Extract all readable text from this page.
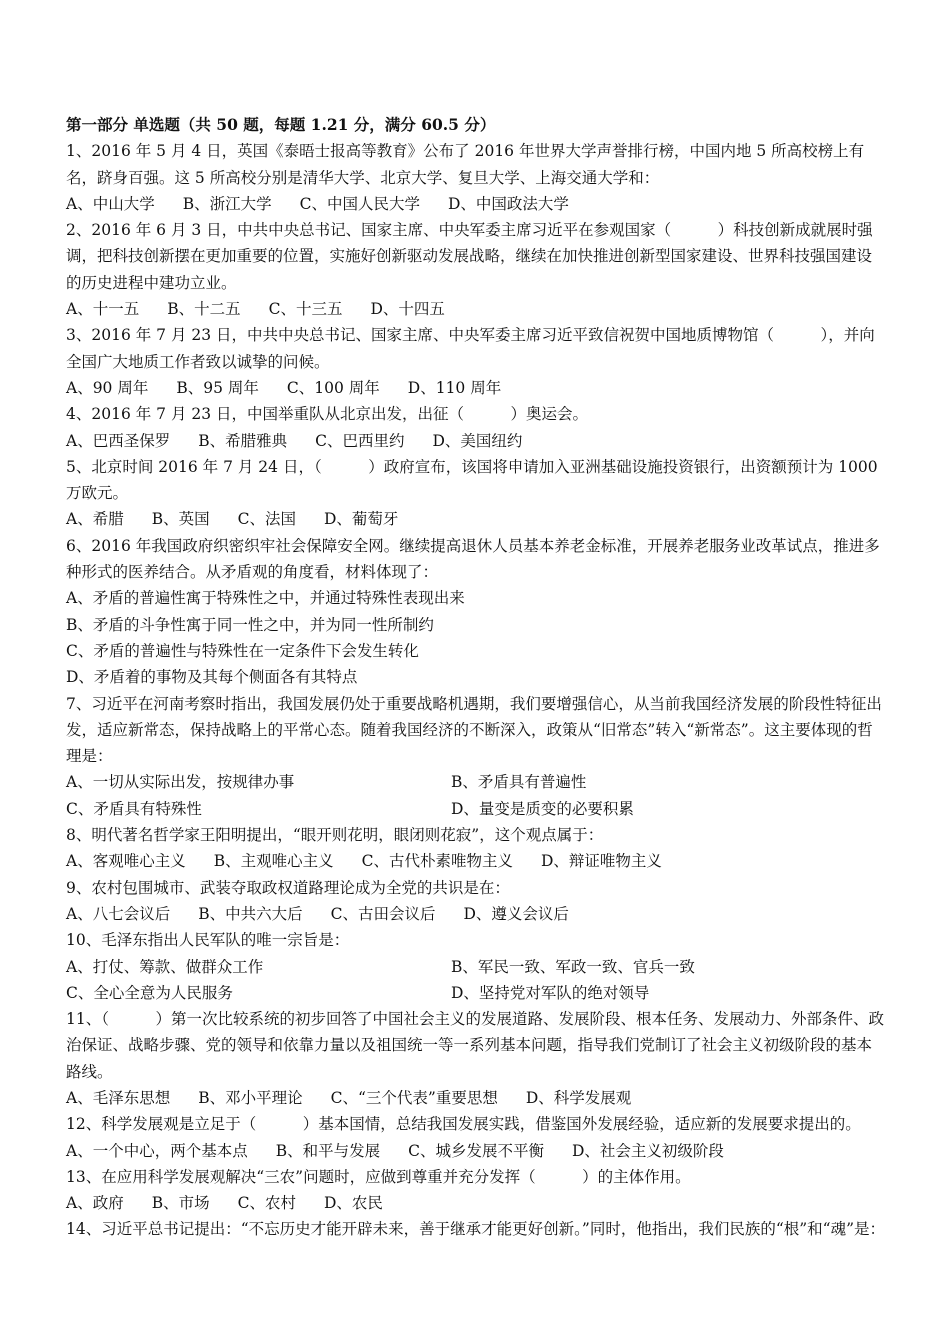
第一部分 单选题（共 50 题，每题 1.21 分，满分 60.5 分）

1、2016 年 5 月 4 日，英国《泰晤士报高等教育》公布了 2016 年世界大学声誉排行榜，中国内地 5 所高校榜上有名，跻身百强。这 5 所高校分别是清华大学、北京大学、复旦大学、上海交通大学和：

A、中山大学 B、浙江大学 C、中国人民大学 D、中国政法大学

2、2016 年 6 月 3 日，中共中央总书记、国家主席、中央军委主席习近平在参观国家（　　　）科技创新成就展时强调，把科技创新摆在更加重要的位置，实施好创新驱动发展战略，继续在加快推进创新型国家建设、世界科技强国建设的历史进程中建功立业。

A、十一五 B、十二五 C、十三五 D、十四五

3、2016 年 7 月 23 日，中共中央总书记、国家主席、中央军委主席习近平致信祝贺中国地质博物馆（　　　），并向全国广大地质工作者致以诚挚的问候。

A、90 周年 B、95 周年 C、100 周年 D、110 周年

4、2016 年 7 月 23 日，中国举重队从北京出发，出征（　　　）奥运会。

A、巴西圣保罗 B、希腊雅典 C、巴西里约 D、美国纽约

5、北京时间 2016 年 7 月 24 日，（　　　）政府宣布，该国将申请加入亚洲基础设施投资银行，出资额预计为 1000 万欧元。

A、希腊 B、英国 C、法国 D、葡萄牙

6、2016 年我国政府织密织牢社会保障安全网。继续提高退休人员基本养老金标准，开展养老服务业改革试点，推进多种形式的医养结合。从矛盾观的角度看，材料体现了：

A、矛盾的普遍性寓于特殊性之中，并通过特殊性表现出来

B、矛盾的斗争性寓于同一性之中，并为同一性所制约

C、矛盾的普遍性与特殊性在一定条件下会发生转化

D、矛盾着的事物及其每个侧面各有其特点

7、习近平在河南考察时指出，我国发展仍处于重要战略机遇期，我们要增强信心，从当前我国经济发展的阶段性特征出发，适应新常态，保持战略上的平常心态。随着我国经济的不断深入，政策从“旧常态”转入“新常态”。这主要体现的哲理是：

A、一切从实际出发，按规律办事	B、矛盾具有普遍性
C、矛盾具有特殊性	D、量变是质变的必要积累

8、明代著名哲学家王阳明提出，“眼开则花明，眼闭则花寂”，这个观点属于：

A、客观唯心主义 B、主观唯心主义 C、古代朴素唯物主义 D、辩证唯物主义

9、农村包围城市、武装夺取政权道路理论成为全党的共识是在：

A、八七会议后 B、中共六大后 C、古田会议后 D、遵义会议后

10、毛泽东指出人民军队的唯一宗旨是：

A、打仗、筹款、做群众工作	B、军民一致、军政一致、官兵一致
C、全心全意为人民服务	D、坚持党对军队的绝对领导

11、（　　　）第一次比较系统的初步回答了中国社会主义的发展道路、发展阶段、根本任务、发展动力、外部条件、政治保证、战略步骤、党的领导和依靠力量以及祖国统一等一系列基本问题，指导我们党制订了社会主义初级阶段的基本路线。

A、毛泽东思想 B、邓小平理论 C、“三个代表”重要思想 D、科学发展观

12、科学发展观是立足于（　　　）基本国情，总结我国发展实践，借鉴国外发展经验，适应新的发展要求提出的。

A、一个中心，两个基本点 B、和平与发展 C、城乡发展不平衡 D、社会主义初级阶段

13、在应用科学发展观解决“三农”问题时，应做到尊重并充分发挥（　　　）的主体作用。

A、政府 B、市场 C、农村 D、农民

14、习近平总书记提出：“不忘历史才能开辟未来，善于继承才能更好创新。”同时，他指出，我们民族的“根”和“魂”是：
